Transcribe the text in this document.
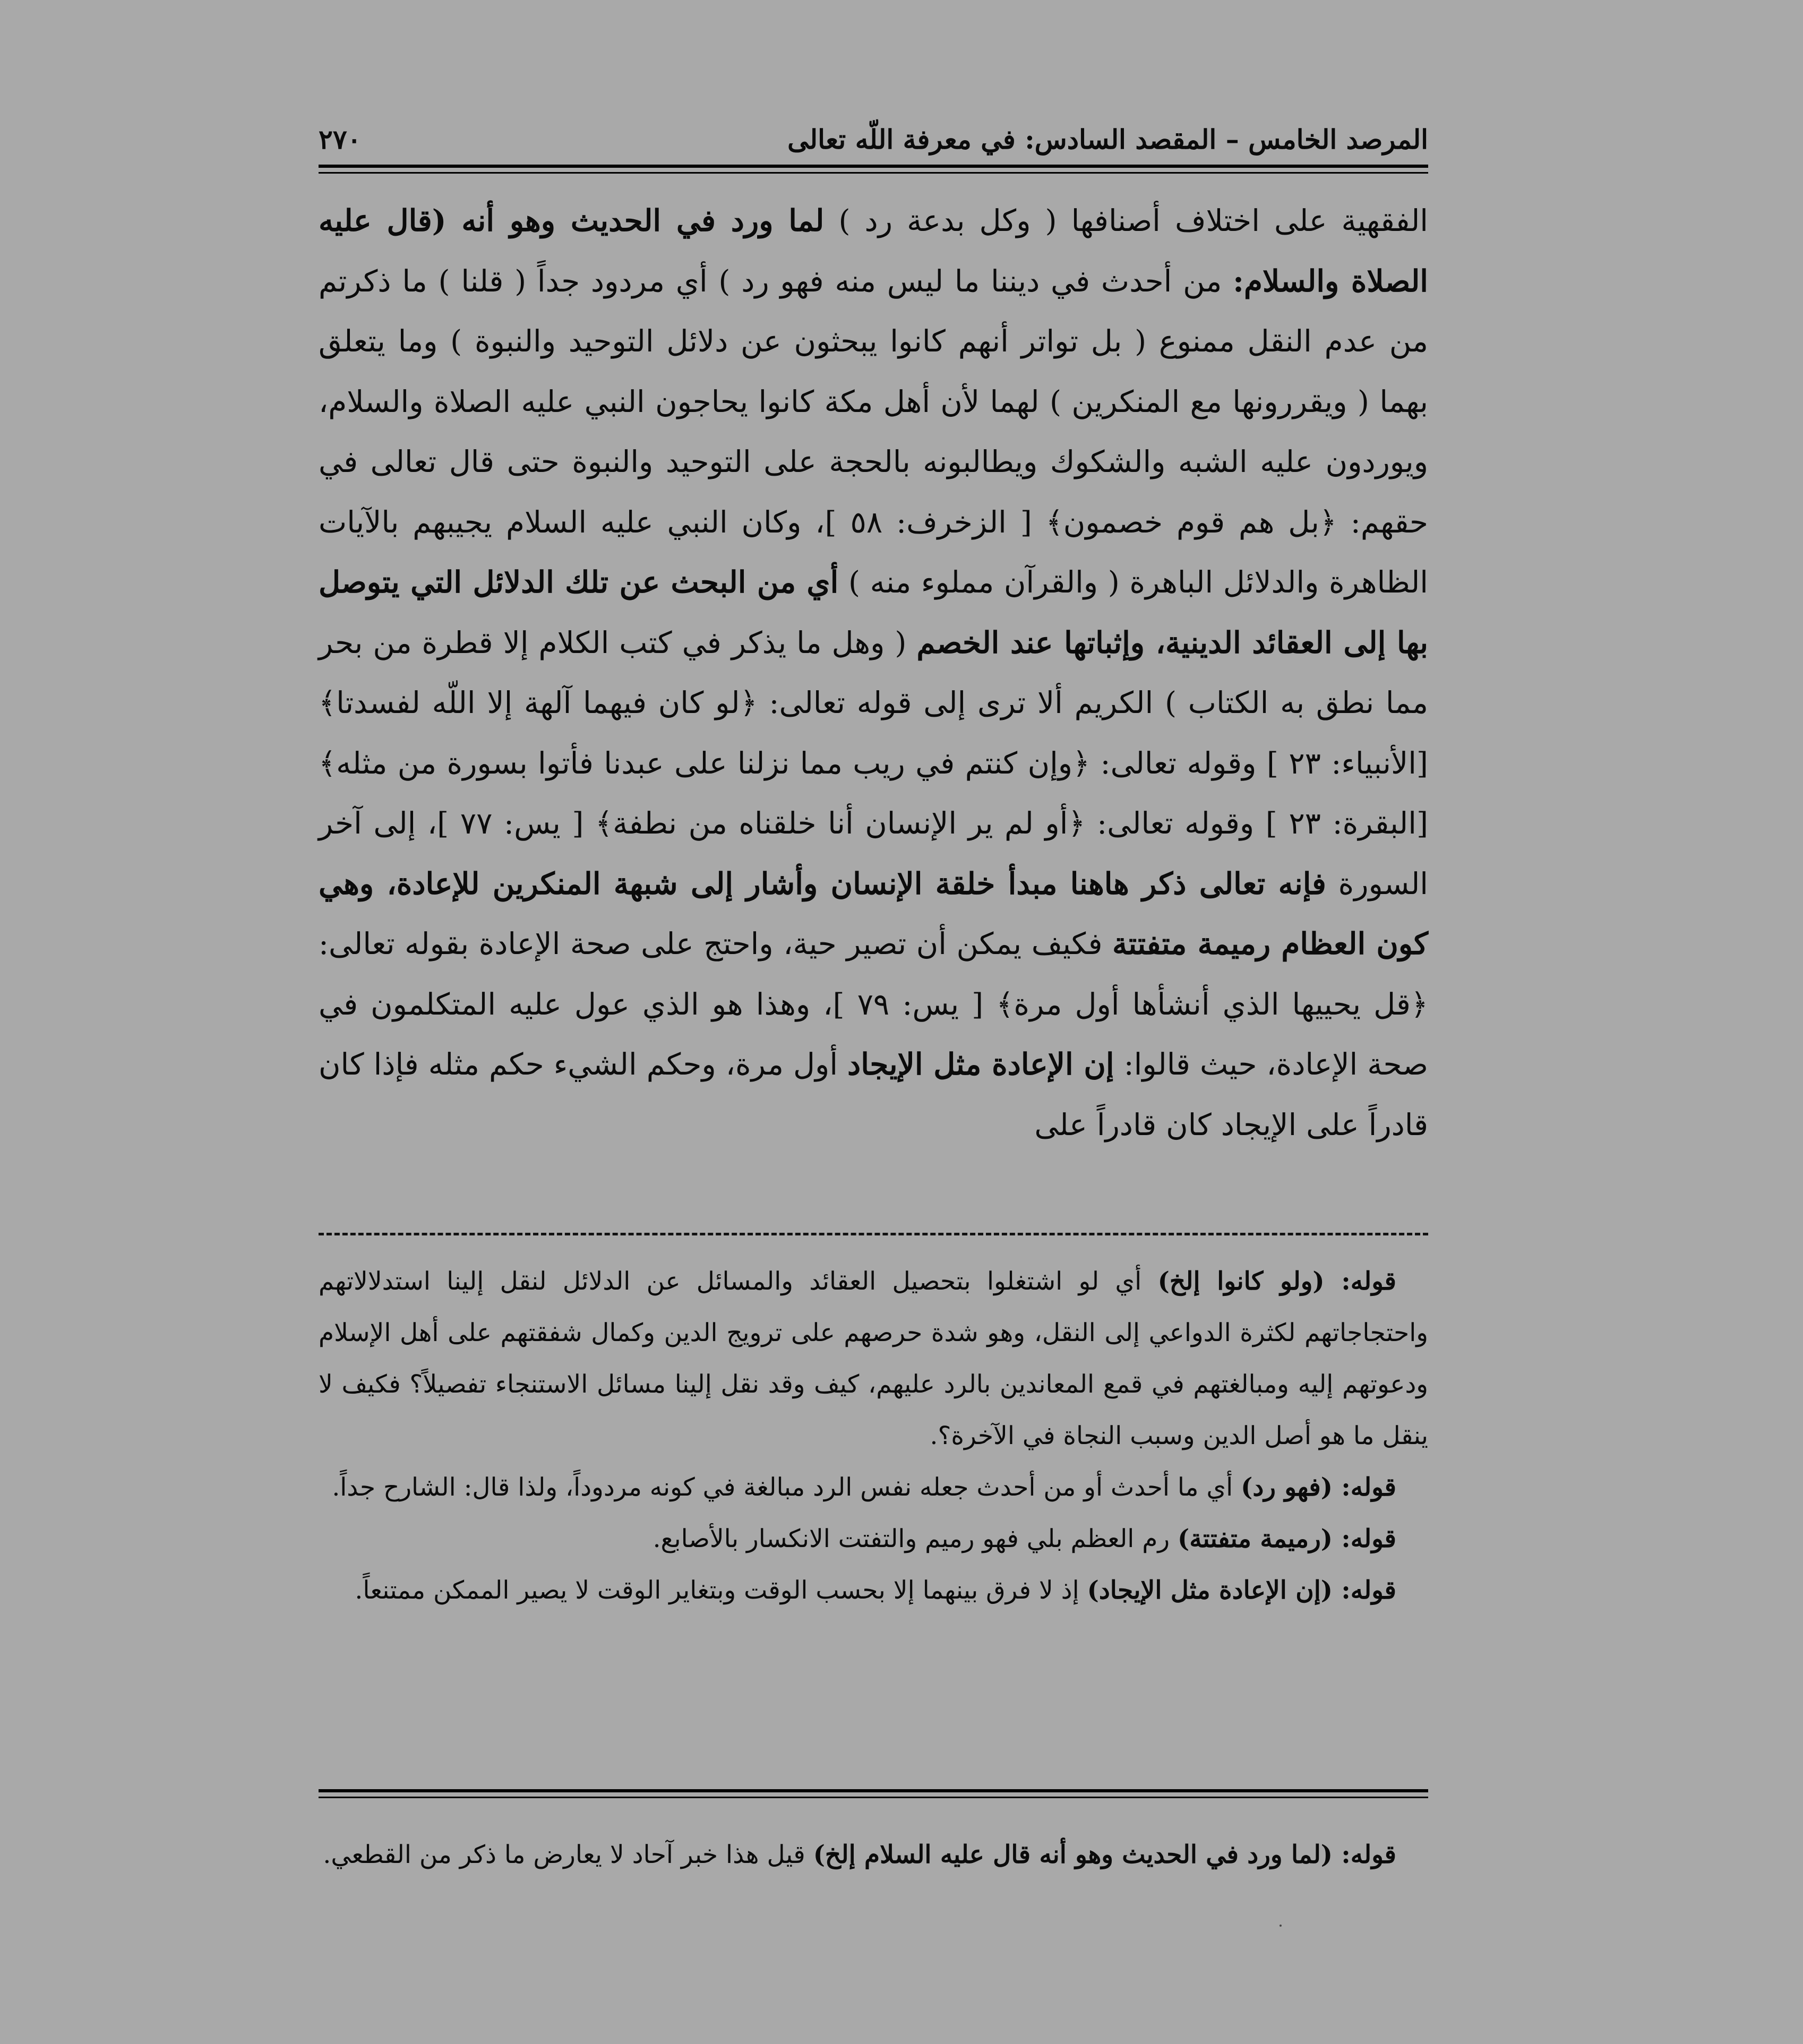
٢٧٠	المرصد الخامس – المقصد السادس: في معرفة اللّه تعالى

الفقهية على اختلاف أصنافها ( وكل بدعة رد ) لما ورد في الحديث وهو أنه (قال عليه الصلاة والسلام: من أحدث في ديننا ما ليس منه فهو رد ) أي مردود جداً ( قلنا ) ما ذكرتم من عدم النقل ممنوع ( بل تواتر أنهم كانوا يبحثون عن دلائل التوحيد والنبوة ) وما يتعلق بهما ( ويقررونها مع المنكرين ) لهما لأن أهل مكة كانوا يحاجون النبي عليه الصلاة والسلام، ويوردون عليه الشبه والشكوك ويطالبونه بالحجة على التوحيد والنبوة حتى قال تعالى في حقهم: ﴿بل هم قوم خصمون﴾ [ الزخرف: ٥٨ ]، وكان النبي عليه السلام يجيبهم بالآيات الظاهرة والدلائل الباهرة ( والقرآن مملوء منه ) أي من البحث عن تلك الدلائل التي يتوصل بها إلى العقائد الدينية، وإثباتها عند الخصم ( وهل ما يذكر في كتب الكلام إلا قطرة من بحر مما نطق به الكتاب ) الكريم ألا ترى إلى قوله تعالى: ﴿لو كان فيهما آلهة إلا اللّه لفسدتا﴾ [الأنبياء: ٢٣ ] وقوله تعالى: ﴿وإن كنتم في ريب مما نزلنا على عبدنا فأتوا بسورة من مثله﴾ [البقرة: ٢٣ ] وقوله تعالى: ﴿أو لم ير الإنسان أنا خلقناه من نطفة﴾ [ يس: ٧٧ ]، إلى آخر السورة فإنه تعالى ذكر هاهنا مبدأ خلقة الإنسان وأشار إلى شبهة المنكرين للإعادة، وهي كون العظام رميمة متفتتة فكيف يمكن أن تصير حية، واحتج على صحة الإعادة بقوله تعالى: ﴿قل يحييها الذي أنشأها أول مرة﴾ [ يس: ٧٩ ]، وهذا هو الذي عول عليه المتكلمون في صحة الإعادة، حيث قالوا: إن الإعادة مثل الإيجاد أول مرة، وحكم الشيء حكم مثله فإذا كان قادراً على الإيجاد كان قادراً على

قوله: (ولو كانوا إلخ) أي لو اشتغلوا بتحصيل العقائد والمسائل عن الدلائل لنقل إلينا استدلالاتهم واحتجاجاتهم لكثرة الدواعي إلى النقل، وهو شدة حرصهم على ترويج الدين وكمال شفقتهم على أهل الإسلام ودعوتهم إليه ومبالغتهم في قمع المعاندين بالرد عليهم، كيف وقد نقل إلينا مسائل الاستنجاء تفصيلاً؟ فكيف لا ينقل ما هو أصل الدين وسبب النجاة في الآخرة؟.

قوله: (فهو رد) أي ما أحدث أو من أحدث جعله نفس الرد مبالغة في كونه مردوداً، ولذا قال: الشارح جداً.

قوله: (رميمة متفتتة) رم العظم بلي فهو رميم والتفتت الانكسار بالأصابع.

قوله: (إن الإعادة مثل الإيجاد) إذ لا فرق بينهما إلا بحسب الوقت وبتغاير الوقت لا يصير الممكن ممتنعاً.

قوله: (لما ورد في الحديث وهو أنه قال عليه السلام إلخ) قيل هذا خبر آحاد لا يعارض ما ذكر من القطعي.
